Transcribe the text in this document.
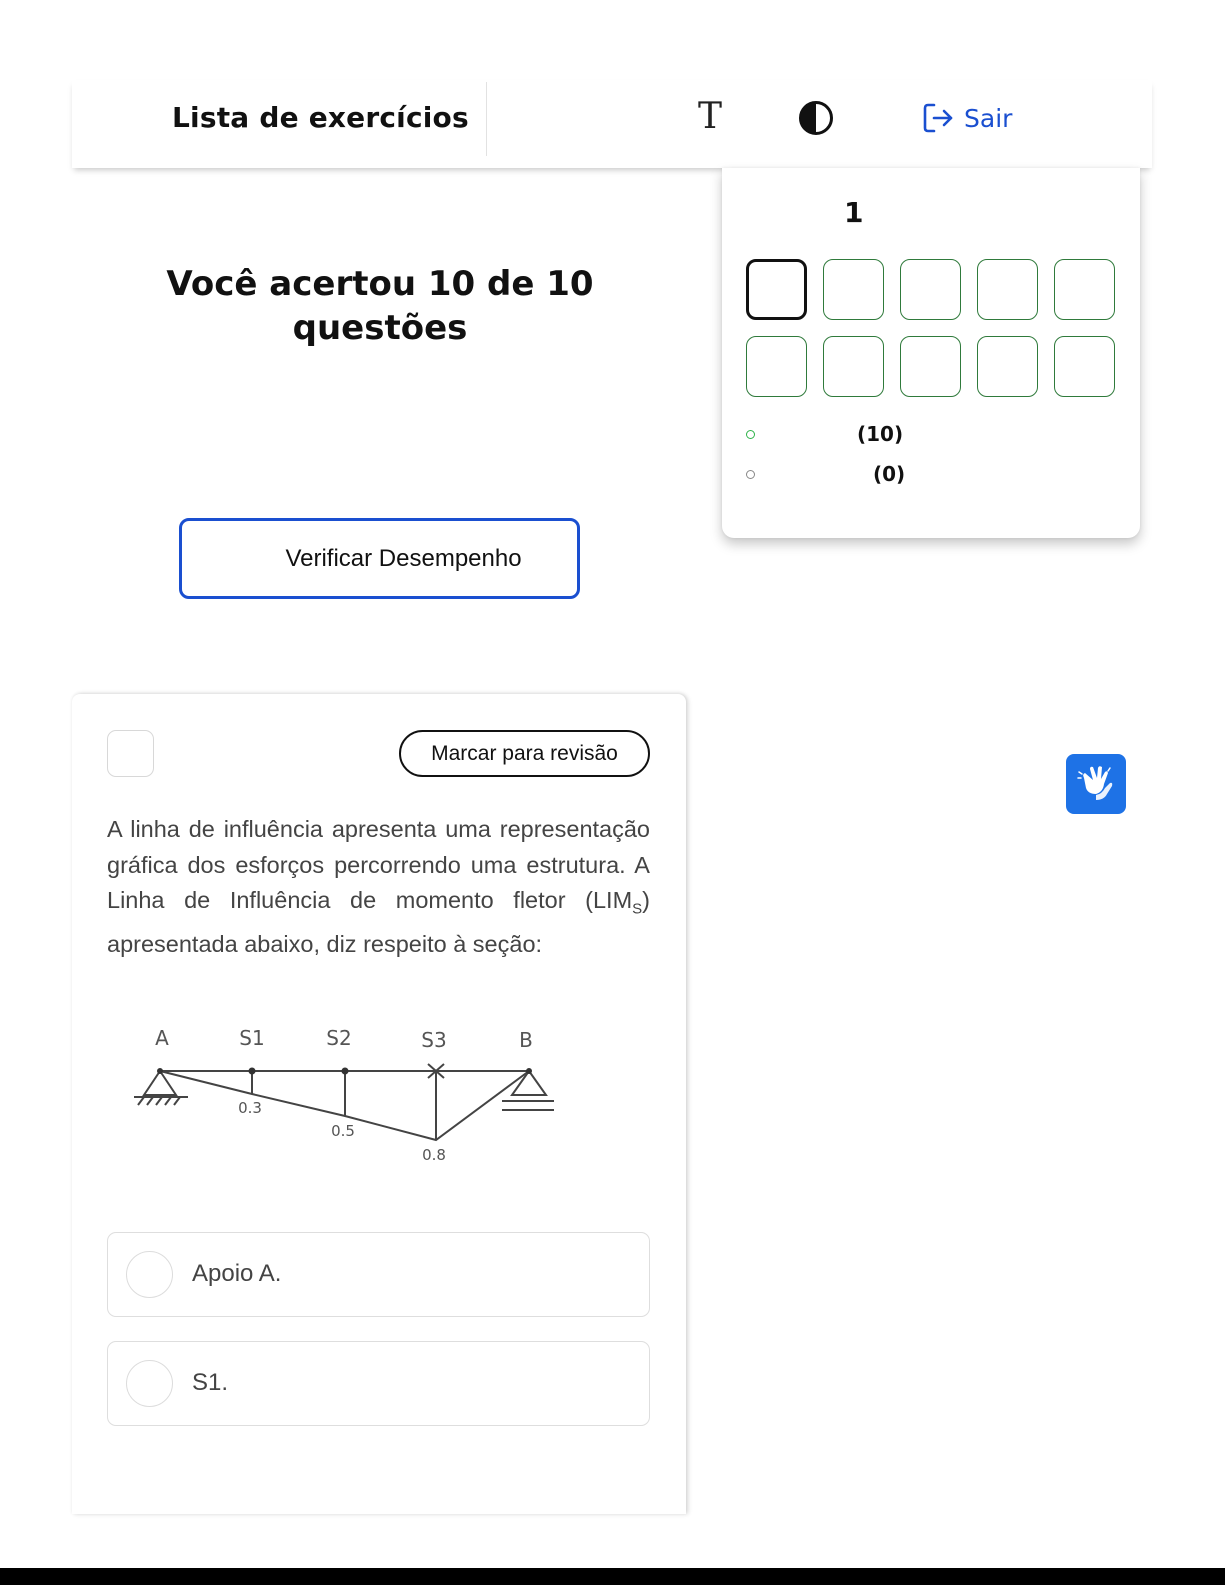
Lista de exercícios	T	Sair
Você acertou 10 de 10 questões
Verificar Desempenho
1
(10)
(0)
Marcar para revisão
A linha de influência apresenta uma representação gráfica dos esforços percorrendo uma estrutura. A Linha de Influência de momento fletor $(LIM_S)$ apresentada abaixo, diz respeito à seção:
A	S1	S2	S3	B
0.3
0.5
0.8
Apoio A.
S1.
